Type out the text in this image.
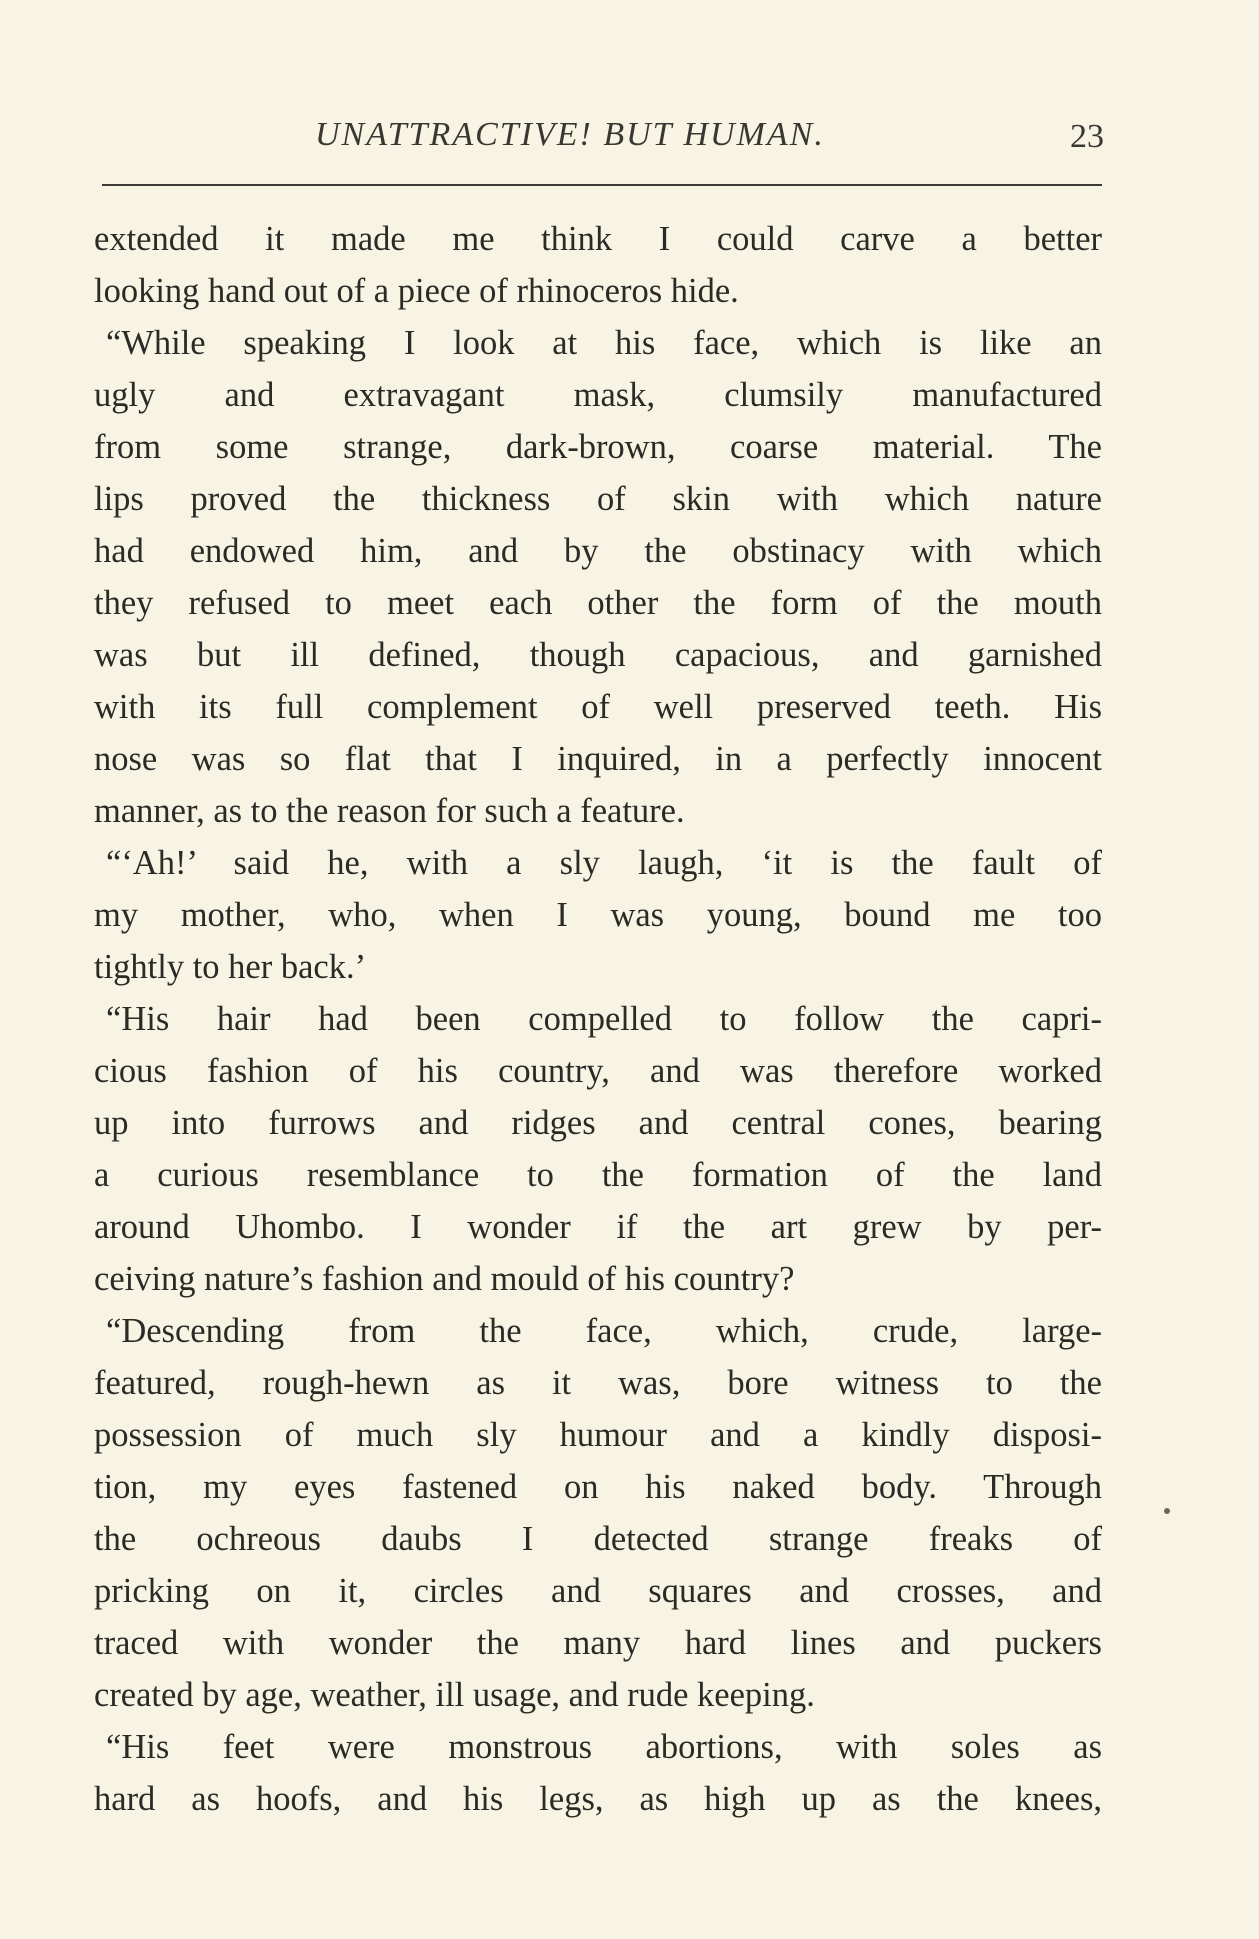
UNATTRACTIVE! BUT HUMAN.	23
extended it made me think I could carve a better
looking hand out of a piece of rhinoceros hide.
“While speaking I look at his face, which is like an
ugly and extravagant mask, clumsily manufactured
from some strange, dark-brown, coarse material. The
lips proved the thickness of skin with which nature
had endowed him, and by the obstinacy with which
they refused to meet each other the form of the mouth
was but ill defined, though capacious, and garnished
with its full complement of well preserved teeth. His
nose was so flat that I inquired, in a perfectly innocent
manner, as to the reason for such a feature.
“‘Ah!’ said he, with a sly laugh, ‘it is the fault of
my mother, who, when I was young, bound me too
tightly to her back.’
“His hair had been compelled to follow the capri-
cious fashion of his country, and was therefore worked
up into furrows and ridges and central cones, bearing
a curious resemblance to the formation of the land
around Uhombo. I wonder if the art grew by per-
ceiving nature’s fashion and mould of his country?
“Descending from the face, which, crude, large-
featured, rough-hewn as it was, bore witness to the
possession of much sly humour and a kindly disposi-
tion, my eyes fastened on his naked body. Through
the ochreous daubs I detected strange freaks of
pricking on it, circles and squares and crosses, and
traced with wonder the many hard lines and puckers
created by age, weather, ill usage, and rude keeping.
“His feet were monstrous abortions, with soles as
hard as hoofs, and his legs, as high up as the knees,
